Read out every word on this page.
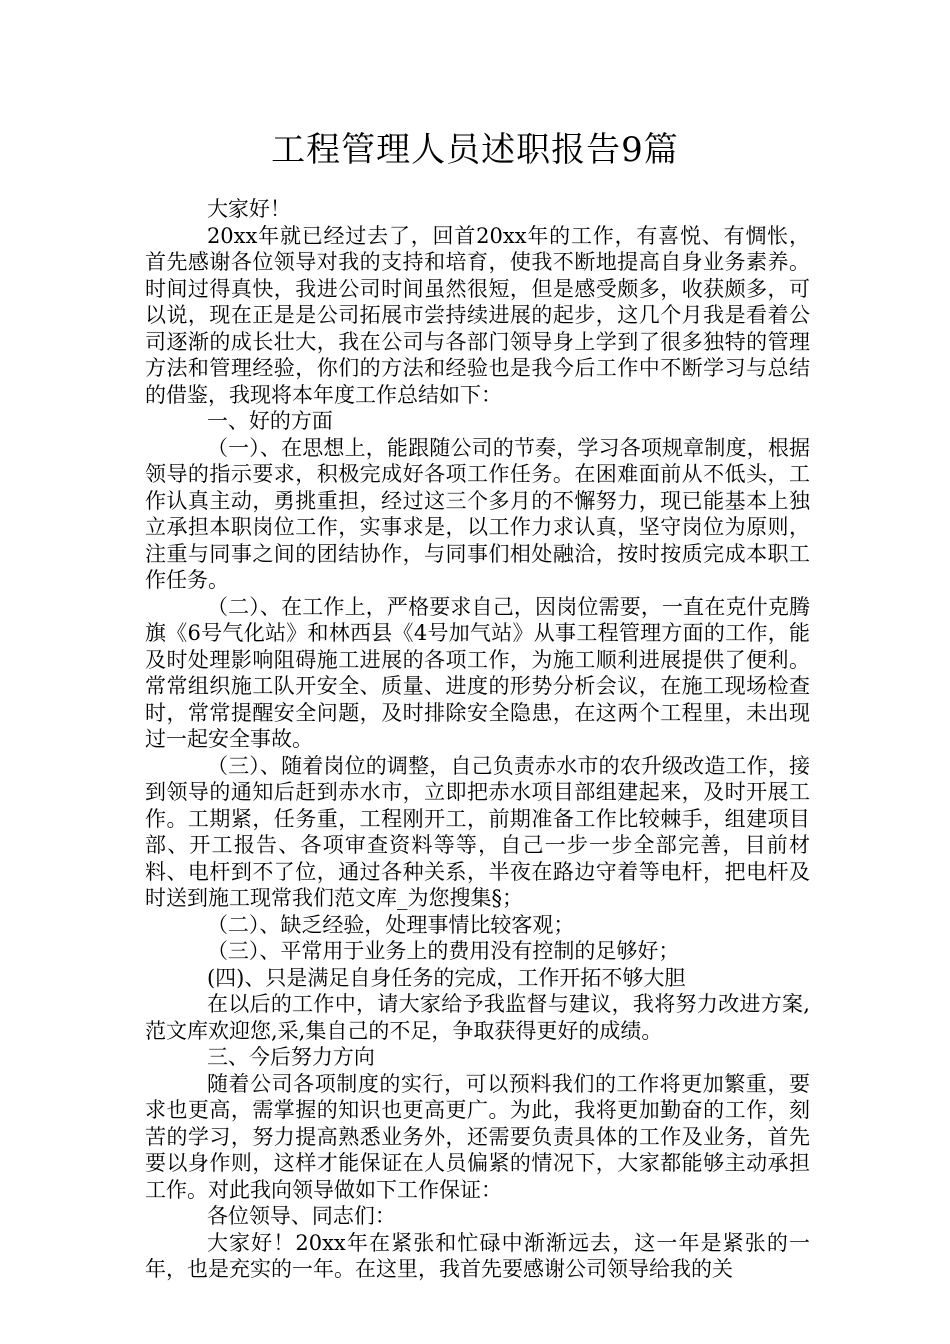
工程管理人员述职报告9篇

大家好！

20xx年就已经过去了，回首20xx年的工作，有喜悦、有惆怅，首先感谢各位领导对我的支持和培育，使我不断地提高自身业务素养。时间过得真快，我进公司时间虽然很短，但是感受颇多，收获颇多，可以说，现在正是是公司拓展市尝持续进展的起步，这几个月我是看着公司逐渐的成长壮大，我在公司与各部门领导身上学到了很多独特的管理方法和管理经验，你们的方法和经验也是我今后工作中不断学习与总结的借鉴，我现将本年度工作总结如下：

一、好的方面

（一）、在思想上，能跟随公司的节奏，学习各项规章制度，根据领导的指示要求，积极完成好各项工作任务。在困难面前从不低头，工作认真主动，勇挑重担，经过这三个多月的不懈努力，现已能基本上独立承担本职岗位工作，实事求是，以工作力求认真，坚守岗位为原则，注重与同事之间的团结协作，与同事们相处融洽，按时按质完成本职工作任务。

（二）、在工作上，严格要求自己，因岗位需要，一直在克什克腾旗《6号气化站》和林西县《4号加气站》从事工程管理方面的工作，能及时处理影响阻碍施工进展的各项工作，为施工顺利进展提供了便利。常常组织施工队开安全、质量、进度的形势分析会议，在施工现场检查时，常常提醒安全问题，及时排除安全隐患，在这两个工程里，未出现过一起安全事故。

（三）、随着岗位的调整，自己负责赤水市的农升级改造工作，接到领导的通知后赶到赤水市，立即把赤水项目部组建起来，及时开展工作。工期紧，任务重，工程刚开工，前期准备工作比较棘手，组建项目部、开工报告、各项审查资料等等，自己一步一步全部完善，目前材料、电杆到不了位，通过各种关系，半夜在路边守着等电杆，把电杆及时送到施工现常我们范文库_为您搜集§；

（二）、缺乏经验，处理事情比较客观；

（三）、平常用于业务上的费用没有控制的足够好；

(四)、只是满足自身任务的完成，工作开拓不够大胆

在以后的工作中，请大家给予我监督与建议，我将努力改进方案,范文库欢迎您,采,集自己的不足，争取获得更好的成绩。

三、今后努力方向

随着公司各项制度的实行，可以预料我们的工作将更加繁重，要求也更高，需掌握的知识也更高更广。为此，我将更加勤奋的工作，刻苦的学习，努力提高熟悉业务外，还需要负责具体的工作及业务，首先要以身作则，这样才能保证在人员偏紧的情况下，大家都能够主动承担工作。对此我向领导做如下工作保证：

各位领导、同志们：

大家好！20xx年在紧张和忙碌中渐渐远去，这一年是紧张的一年，也是充实的一年。在这里，我首先要感谢公司领导给我的关
